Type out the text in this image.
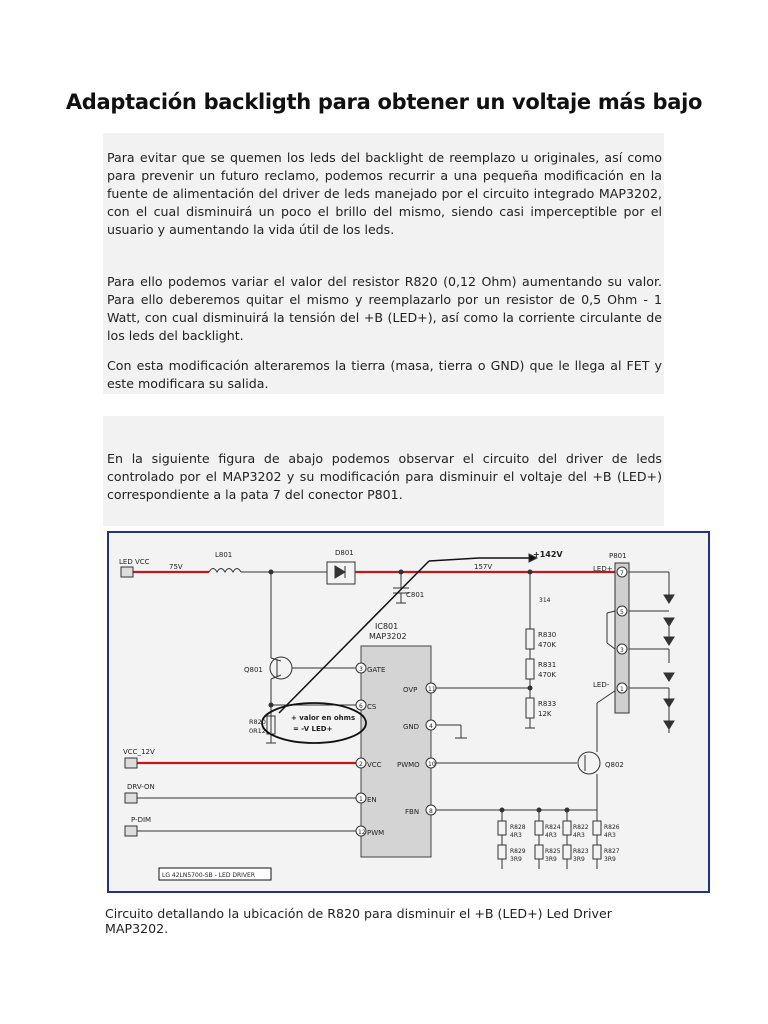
Adaptación backligth para obtener un voltaje más bajo
Para evitar que se quemen los leds del backlight de reemplazo u originales, así como para prevenir un futuro reclamo, podemos recurrir a una pequeña modificación en la fuente de alimentación del driver de leds manejado por el circuito integrado MAP3202, con el cual disminuirá un poco el brillo del mismo, siendo casi imperceptible por el usuario y aumentando la vida útil de los leds.
Para ello podemos variar el valor del resistor R820 (0,12 Ohm) aumentando su valor. Para ello deberemos quitar el mismo y reemplazarlo por un resistor de 0,5 Ohm - 1 Watt, con cual disminuirá la tensión del +B (LED+), así como la corriente circulante de los leds del backlight.
Con esta modificación alteraremos la tierra (masa, tierra o GND) que le llega al FET y este modificara su salida.
En la siguiente figura de abajo podemos observar el circuito del driver de leds controlado por el MAP3202 y su modificación para disminuir el voltaje del +B (LED+) correspondiente a la pata 7 del conector P801.
LED VCC
75V
L801	D801
157V
+142V	P801
LED+
LED-
C801
314
R830
470K
R831
470K
R833
12K
IC801
MAP3202
Q801
Q802
R820
0R12
+ valor en ohms
= -V LED+
GATE
CS
OVP
GND
VCC PWMO
EN
FBN
PWM
3
6
11
4
2	10
1
8
12
7
5
3
1
VCC_12V
DRV-ON
P-DIM
R828
4R3
R829
3R9
R824
4R3
R825
3R9
R822
4R3
R823
3R9
R826
4R3
R827
3R9
LG 42LN5700-SB - LED DRIVER
Circuito detallando la ubicación de R820 para disminuir el +B (LED+) Led Driver MAP3202.
